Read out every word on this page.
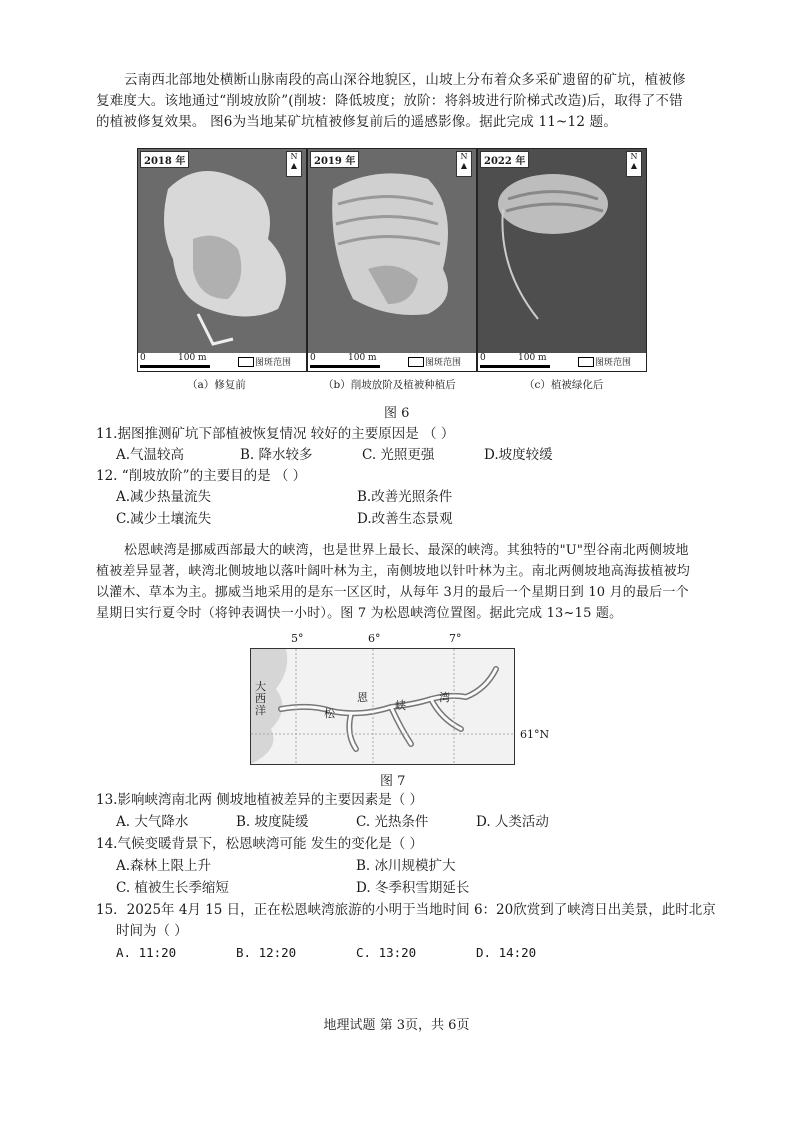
云南西北部地处横断山脉南段的高山深谷地貌区，山坡上分布着众多采矿遗留的矿坑，植被修复难度大。该地通过“削坡放阶”(削坡：降低坡度；放阶：将斜坡进行阶梯式改造)后，取得了不错的植被修复效果。 图6为当地某矿坑植被修复前后的遥感影像。据此完成 11~12 题。
2018 年	N
▲
0	100 m	图斑范围
2019 年	N
▲
0	100 m	图斑范围
2022 年	N
▲
0	100 m	图斑范围
（a）修复前	（b）削坡放阶及植被种植后	（c）植被绿化后
图 6
11.据图推测矿坑下部植被恢复情况 较好的主要原因是 （ ）
A.气温较高	B. 降水较多	C. 光照更强	D.坡度较缓
12. “削坡放阶”的主要目的是 （ ）
A.减少热量流失	B.改善光照条件
C.减少土壤流失	D.改善生态景观
松恩峡湾是挪威西部最大的峡湾，也是世界上最长、最深的峡湾。其独特的"U"型谷南北两侧坡地植被差异显著，峡湾北侧坡地以落叶阔叶林为主，南侧坡地以针叶林为主。南北两侧坡地高海拔植被均以灌木、草本为主。挪威当地采用的是东一区区时，从每年 3月的最后一个星期日到 10 月的最后一个星期日实行夏令时（将钟表调快一小时）。图 7 为松恩峡湾位置图。据此完成 13~15 题。
5°	6°	7°
大西洋	松
恩
峡
湾
61°N
图 7
13.影响峡湾南北两 侧坡地植被差异的主要因素是（ ）
A. 大气降水	B. 坡度陡缓	C. 光热条件	D. 人类活动
14.气候变暖背景下，松恩峡湾可能 发生的变化是（ ）
A.森林上限上升	B. 冰川规模扩大
C. 植被生长季缩短	D. 冬季积雪期延长
15．2025年 4月 15 日，正在松恩峡湾旅游的小明于当地时间 6：20欣赏到了峡湾日出美景，此时北京
时间为（ ）
A. 11:20	B. 12:20	C. 13:20	D. 14:20
地理试题 第 3页，共 6页
